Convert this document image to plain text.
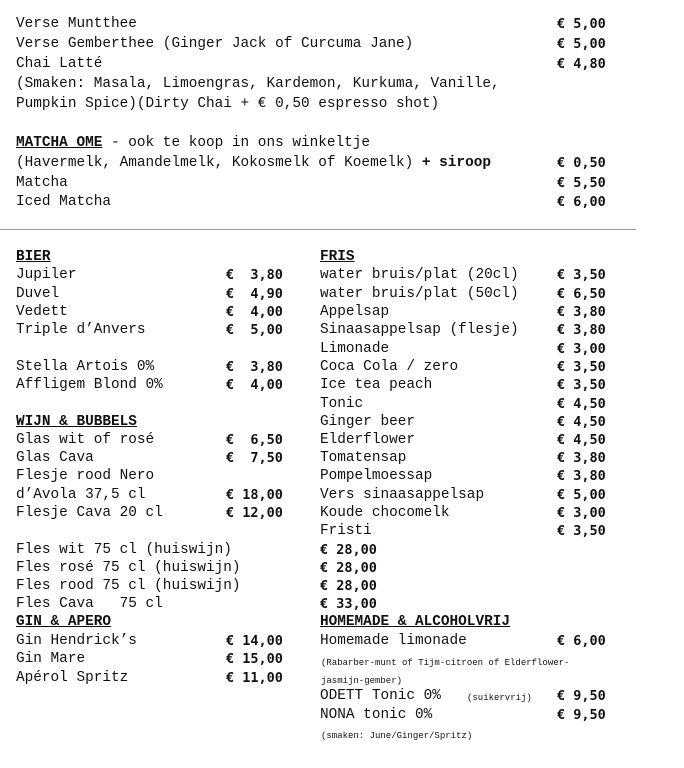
Verse Muntthee	€ 5,00
Verse Gemberthee (Ginger Jack of Curcuma Jane)	€ 5,00
Chai Latté	€ 4,80
(Smaken: Masala, Limoengras, Kardemon, Kurkuma, Vanille,
Pumpkin Spice)(Dirty Chai + € 0,50 espresso shot)
MATCHA OME - ook te koop in ons winkeltje
(Havermelk, Amandelmelk, Kokosmelk of Koemelk) + siroop	€ 0,50
Matcha	€ 5,50
Iced Matcha	€ 6,00
BIER
Jupiler	€  3,80
Duvel	€  4,90
Vedett	€  4,00
Triple d’Anvers	€  5,00
Stella Artois 0%	€  3,80
Affligem Blond 0%	€  4,00
WIJN & BUBBELS
Glas wit of rosé	€  6,50
Glas Cava	€  7,50
Flesje rood Nero
d’Avola 37,5 cl	€ 18,00
Flesje Cava 20 cl	€ 12,00
Fles wit 75 cl (huiswijn)	€ 28,00
Fles rosé 75 cl (huiswijn)	€ 28,00
Fles rood 75 cl (huiswijn)	€ 28,00
Fles Cava   75 cl	€ 33,00
GIN & APERO
Gin Hendrick’s	€ 14,00
Gin Mare	€ 15,00
Apérol Spritz	€ 11,00
FRIS
water bruis/plat (20cl)	€ 3,50
water bruis/plat (50cl)	€ 6,50
Appelsap	€ 3,80
Sinaasappelsap (flesje)	€ 3,80
Limonade	€ 3,00
Coca Cola / zero	€ 3,50
Ice tea peach	€ 3,50
Tonic	€ 4,50
Ginger beer	€ 4,50
Elderflower	€ 4,50
Tomatensap	€ 3,80
Pompelmoessap	€ 3,80
Vers sinaasappelsap	€ 5,00
Koude chocomelk	€ 3,00
Fristi	€ 3,50
HOMEMADE & ALCOHOLVRIJ
Homemade limonade	€ 6,00
(Rabarber-munt of Tijm-citroen of Elderflower-
jasmijn-gember)
ODETT Tonic 0%	(suikervrij) € 9,50
NONA tonic 0%	€ 9,50
(smaken: June/Ginger/Spritz)
